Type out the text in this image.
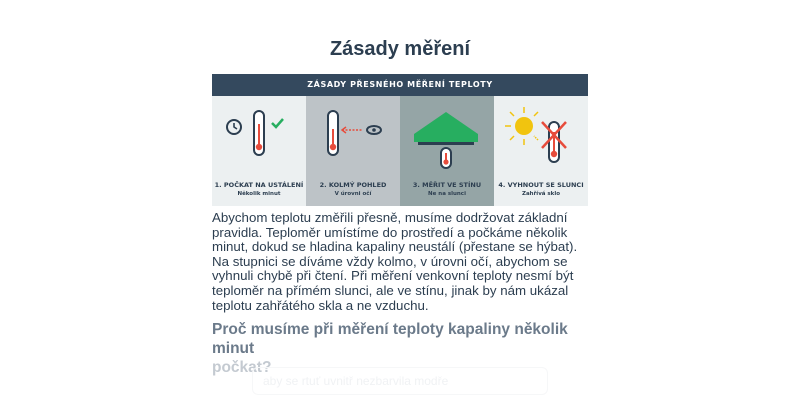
Zásady měření
ZÁSADY PŘESNÉHO MĚŘENÍ TEPLOTY
1. POČKAT NA USTÁLENÍ
Několik minut
2. KOLMÝ POHLED
V úrovni očí
3. MĚŘIT VE STÍNU
Ne na slunci
4. VYHNOUT SE SLUNCI
Zahřívá sklo

Abychom teplotu změřili přesně, musíme dodržovat základní pravidla. Teploměr umístíme do prostředí a počkáme několik minut, dokud se hladina kapaliny neustálí (přestane se hýbat). Na stupnici se díváme vždy kolmo, v úrovni očí, abychom se vyhnuli chybě při čtení. Při měření venkovní teploty nesmí být teploměr na přímém slunci, ale ve stínu, jinak by nám ukázal teplotu zahřátého skla a ne vzduchu.

Proč musíme při měření teploty kapaliny několik minut
počkat?
aby se rtuť uvnitř nezbarvila modře
